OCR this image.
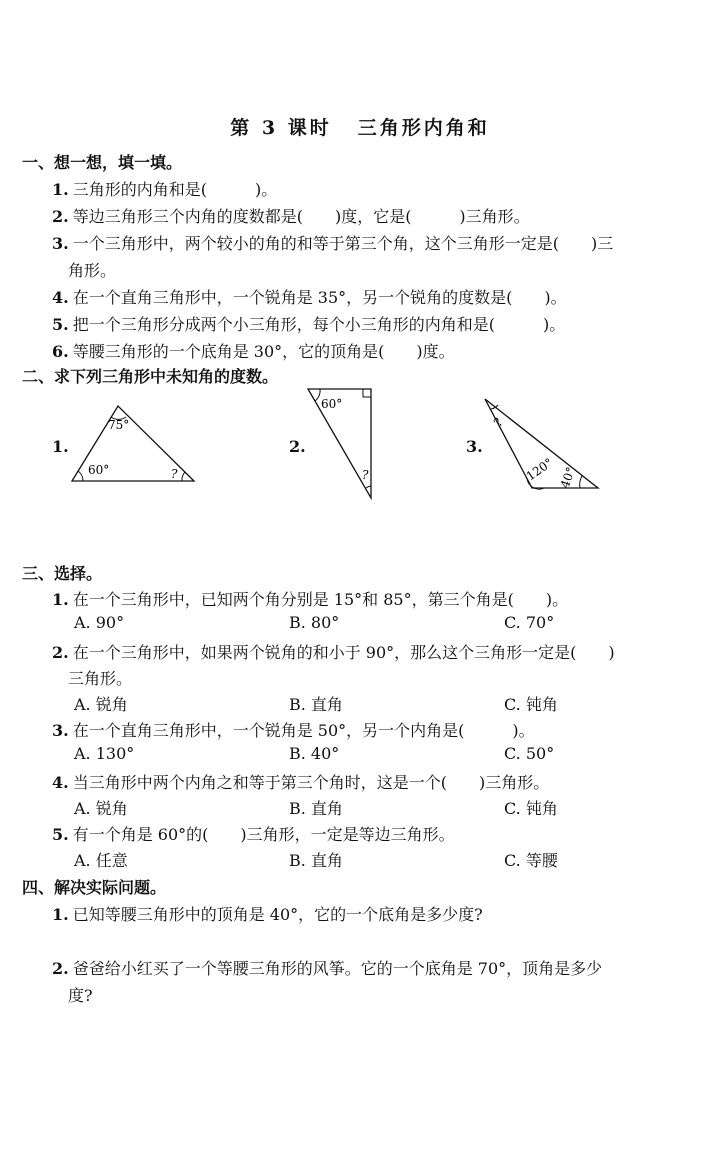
第 3 课时 三角形内角和
一、想一想，填一填。
1. 三角形的内角和是(　　　)。
2. 等边三角形三个内角的度数都是(　　)度，它是(　　　)三角形。
3. 一个三角形中，两个较小的角的和等于第三个角，这个三角形一定是(　　)三
角形。
4. 在一个直角三角形中，一个锐角是 35°，另一个锐角的度数是(　　)。
5. 把一个三角形分成两个小三角形，每个小三角形的内角和是(　　　)。
6. 等腰三角形的一个底角是 30°，它的顶角是(　　)度。
二、求下列三角形中未知角的度数。
1.
75°
60°	?
60°
?
?
120° 40°
2.	3.
三、选择。
1. 在一个三角形中，已知两个角分别是 15°和 85°，第三个角是(　　)。
A. 90°	B. 80°	C. 70°
2. 在一个三角形中，如果两个锐角的和小于 90°，那么这个三角形一定是(　　)
三角形。
A. 锐角	B. 直角	C. 钝角
3. 在一个直角三角形中，一个锐角是 50°，另一个内角是(　　　)。
A. 130°	B. 40°	C. 50°
4. 当三角形中两个内角之和等于第三个角时，这是一个(　　)三角形。
A. 锐角	B. 直角	C. 钝角
5. 有一个角是 60°的(　　)三角形，一定是等边三角形。
A. 任意	B. 直角	C. 等腰
四、解决实际问题。
1. 已知等腰三角形中的顶角是 40°，它的一个底角是多少度?
2. 爸爸给小红买了一个等腰三角形的风筝。它的一个底角是 70°，顶角是多少
度?
